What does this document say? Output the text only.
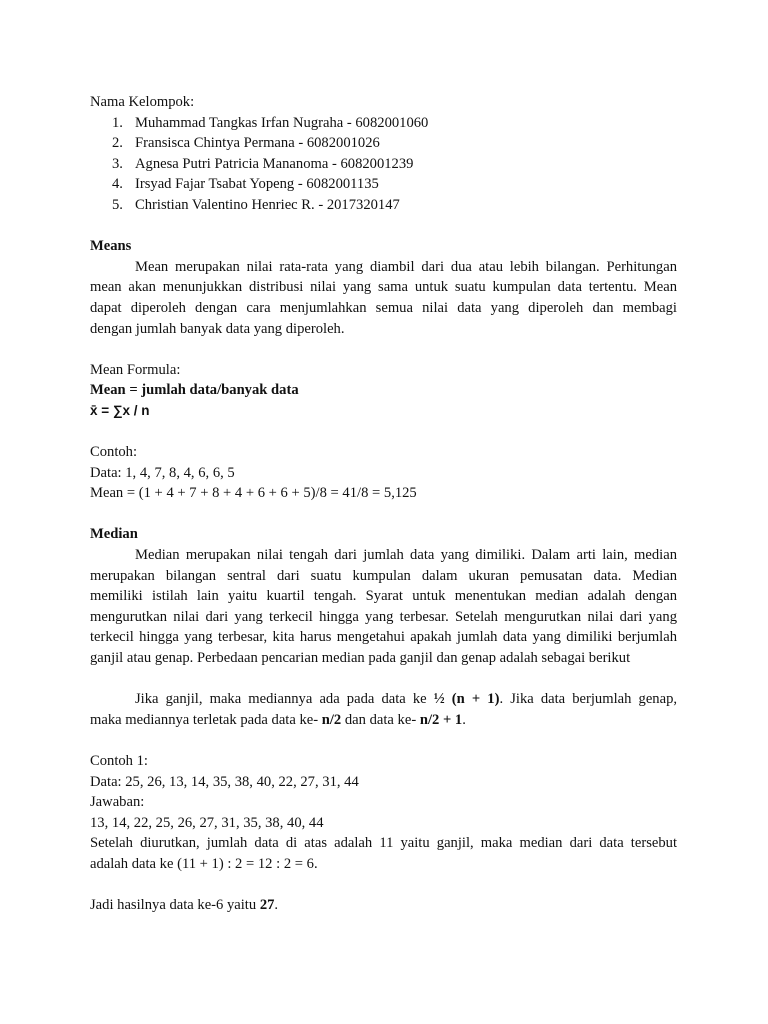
Nama Kelompok:
1. Muhammad Tangkas Irfan Nugraha - 6082001060
2. Fransisca Chintya Permana - 6082001026
3. Agnesa Putri Patricia Mananoma - 6082001239
4. Irsyad Fajar Tsabat Yopeng - 6082001135
5. Christian Valentino Henriec R. - 2017320147
Means
Mean merupakan nilai rata-rata yang diambil dari dua atau lebih bilangan. Perhitungan
mean akan menunjukkan distribusi nilai yang sama untuk suatu kumpulan data tertentu. Mean
dapat diperoleh dengan cara menjumlahkan semua nilai data yang diperoleh dan membagi
dengan jumlah banyak data yang diperoleh.
Mean Formula:
Mean = jumlah data/banyak data
x̄ = ∑x / n
Contoh:
Data: 1, 4, 7, 8, 4, 6, 6, 5
Mean = (1 + 4 + 7 + 8 + 4 + 6 + 6 + 5)/8 = 41/8 = 5,125
Median
Median merupakan nilai tengah dari jumlah data yang dimiliki. Dalam arti lain, median
merupakan bilangan sentral dari suatu kumpulan dalam ukuran pemusatan data. Median
memiliki istilah lain yaitu kuartil tengah. Syarat untuk menentukan median adalah dengan
mengurutkan nilai dari yang terkecil hingga yang terbesar. Setelah mengurutkan nilai dari yang
terkecil hingga yang terbesar, kita harus mengetahui apakah jumlah data yang dimiliki berjumlah
ganjil atau genap. Perbedaan pencarian median pada ganjil dan genap adalah sebagai berikut
Jika ganjil, maka mediannya ada pada data ke ½ (n + 1). Jika data berjumlah genap,
maka mediannya terletak pada data ke- n/2 dan data ke- n/2 + 1.
Contoh 1:
Data: 25, 26, 13, 14, 35, 38, 40, 22, 27, 31, 44
Jawaban:
13, 14, 22, 25, 26, 27, 31, 35, 38, 40, 44
Setelah diurutkan, jumlah data di atas adalah 11 yaitu ganjil, maka median dari data tersebut
adalah data ke (11 + 1) : 2 = 12 : 2 = 6.
Jadi hasilnya data ke-6 yaitu 27.
